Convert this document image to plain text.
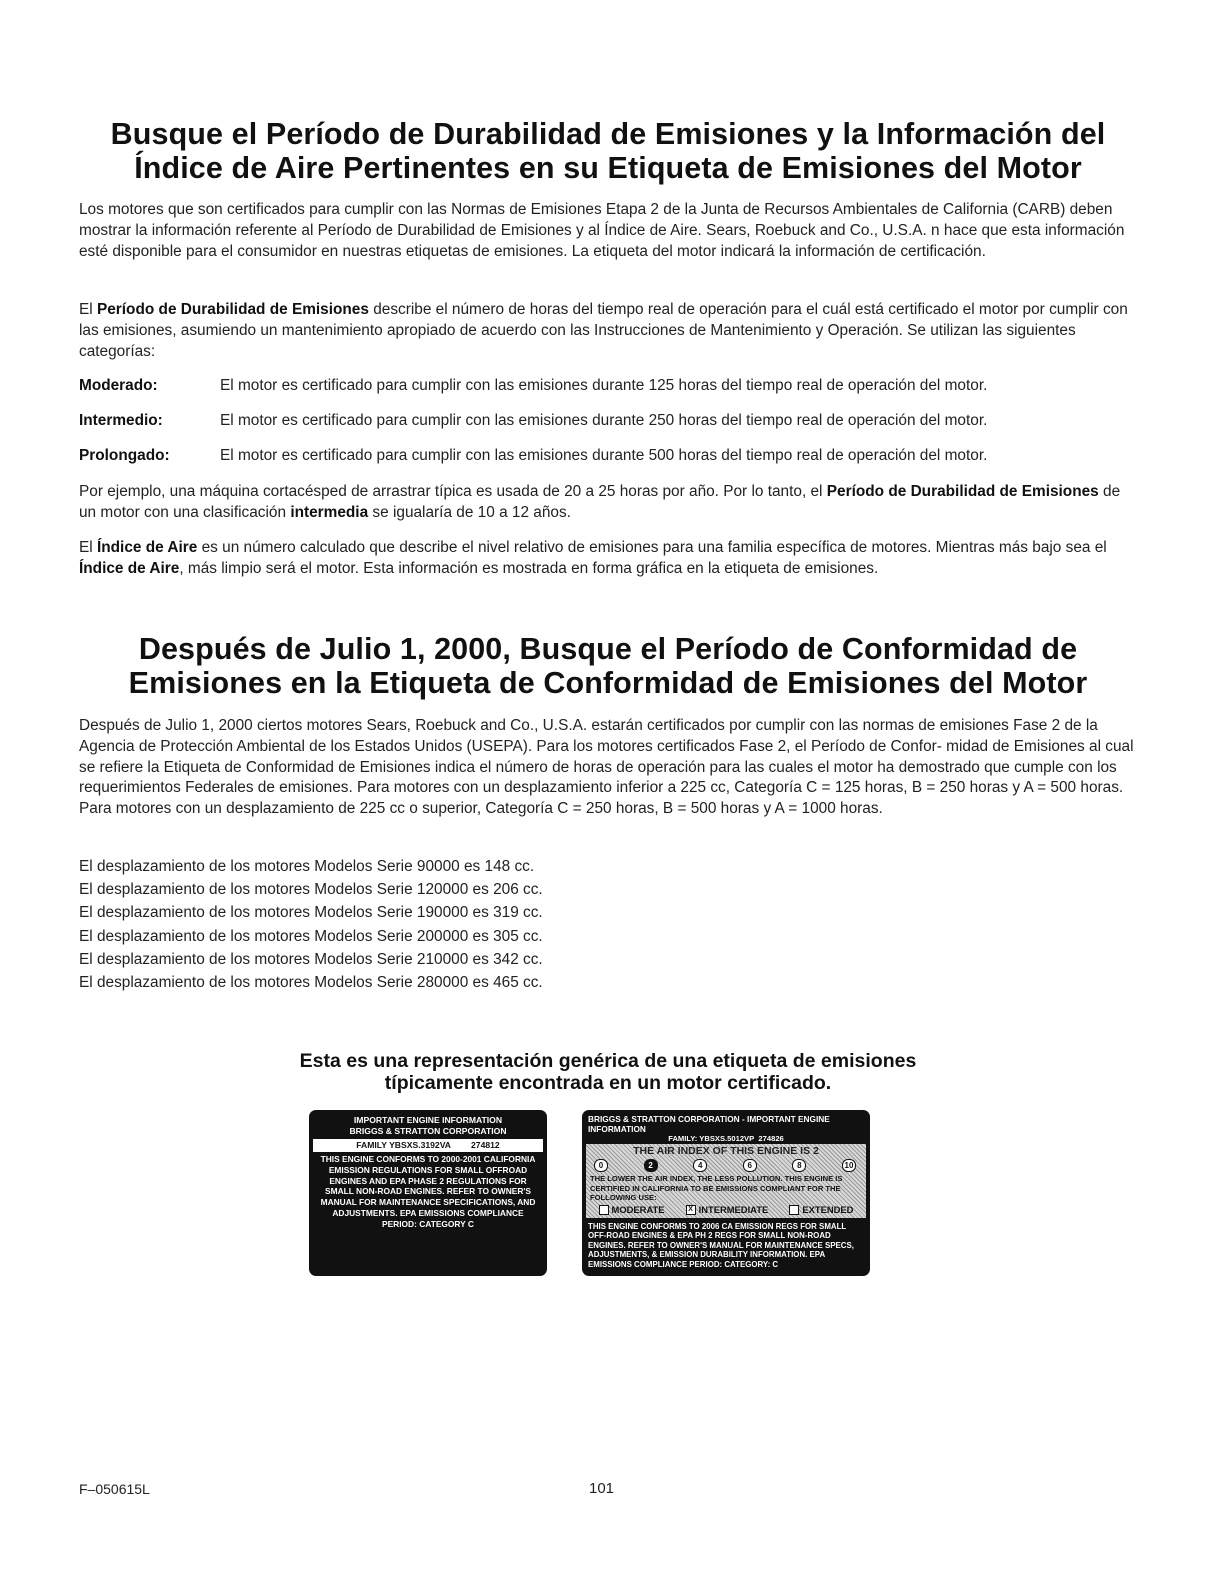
Busque el Período de Durabilidad de Emisiones y la Información del
Índice de Aire Pertinentes en su Etiqueta de Emisiones del Motor

Los motores que son certificados para cumplir con las Normas de Emisiones Etapa 2 de la Junta de Recursos Ambientales de California (CARB) deben mostrar la información referente al Período de Durabilidad de Emisiones y al Índice de Aire. Sears, Roebuck and Co., U.S.A. n hace que esta información esté disponible para el consumidor en nuestras etiquetas de emisiones. La etiqueta del motor indicará la información de certificación.

El Período de Durabilidad de Emisiones describe el número de horas del tiempo real de operación para el cuál está certificado el motor por cumplir con las emisiones, asumiendo un mantenimiento apropiado de acuerdo con las Instrucciones de Mantenimiento y Operación. Se utilizan las siguientes categorías:

Moderado:	El motor es certificado para cumplir con las emisiones durante 125 horas del tiempo real de operación del motor.
Intermedio:	El motor es certificado para cumplir con las emisiones durante 250 horas del tiempo real de operación del motor.
Prolongado:	El motor es certificado para cumplir con las emisiones durante 500 horas del tiempo real de operación del motor.

Por ejemplo, una máquina cortacésped de arrastrar típica es usada de 20 a 25 horas por año. Por lo tanto, el Período de Durabilidad de Emisiones de un motor con una clasificación intermedia se igualaría de 10 a 12 años.

El Índice de Aire es un número calculado que describe el nivel relativo de emisiones para una familia específica de motores. Mientras más bajo sea el Índice de Aire, más limpio será el motor. Esta información es mostrada en forma gráfica en la etiqueta de emisiones.

Después de Julio 1, 2000, Busque el Período de Conformidad de
Emisiones en la Etiqueta de Conformidad de Emisiones del Motor

Después de Julio 1, 2000 ciertos motores Sears, Roebuck and Co., U.S.A. estarán certificados por cumplir con las normas de emisiones Fase 2 de la Agencia de Protección Ambiental de los Estados Unidos (USEPA). Para los motores certificados Fase 2, el Período de Confor- midad de Emisiones al cual se refiere la Etiqueta de Conformidad de Emisiones indica el número de horas de operación para las cuales el motor ha demostrado que cumple con los requerimientos Federales de emisiones. Para motores con un desplazamiento inferior a 225 cc, Categoría C = 125 horas, B = 250 horas y A = 500 horas. Para motores con un desplazamiento de 225 cc o superior, Categoría C = 250 horas, B = 500 horas y A = 1000 horas.

El desplazamiento de los motores Modelos Serie 90000 es 148 cc.
El desplazamiento de los motores Modelos Serie 120000 es 206 cc.
El desplazamiento de los motores Modelos Serie 190000 es 319 cc.
El desplazamiento de los motores Modelos Serie 200000 es 305 cc.
El desplazamiento de los motores Modelos Serie 210000 es 342 cc.
El desplazamiento de los motores Modelos Serie 280000 es 465 cc.
Esta es una representación genérica de una etiqueta de emisiones
típicamente encontrada en un motor certificado.
IMPORTANT ENGINE INFORMATION
BRIGGS & STRATTON CORPORATION
FAMILY YBSXS.3192VA 274812
THIS ENGINE CONFORMS TO 2000-2001 CALIFORNIA EMISSION REGULATIONS FOR SMALL OFFROAD ENGINES AND EPA PHASE 2 REGULATIONS FOR SMALL NON-ROAD ENGINES. REFER TO OWNER'S MANUAL FOR MAINTENANCE SPECIFICATIONS, AND ADJUSTMENTS. EPA EMISSIONS COMPLIANCE PERIOD: CATEGORY C
BRIGGS & STRATTON CORPORATION - IMPORTANT ENGINE INFORMATION
FAMILY: YBSXS.5012VP 274826
THE AIR INDEX OF THIS ENGINE IS 2
0	2	4	6	8	10
THE LOWER THE AIR INDEX, THE LESS POLLUTION. THIS ENGINE IS CERTIFIED IN CALIFORNIA TO BE EMISSIONS COMPLIANT FOR THE FOLLOWING USE:
MODERATE	X INTERMEDIATE	EXTENDED
THIS ENGINE CONFORMS TO 2006 CA EMISSION REGS FOR SMALL OFF-ROAD ENGINES & EPA PH 2 REGS FOR SMALL NON-ROAD ENGINES. REFER TO OWNER'S MANUAL FOR MAINTENANCE SPECS, ADJUSTMENTS, & EMISSION DURABILITY INFORMATION. EPA EMISSIONS COMPLIANCE PERIOD: CATEGORY: C
F–050615L	101
